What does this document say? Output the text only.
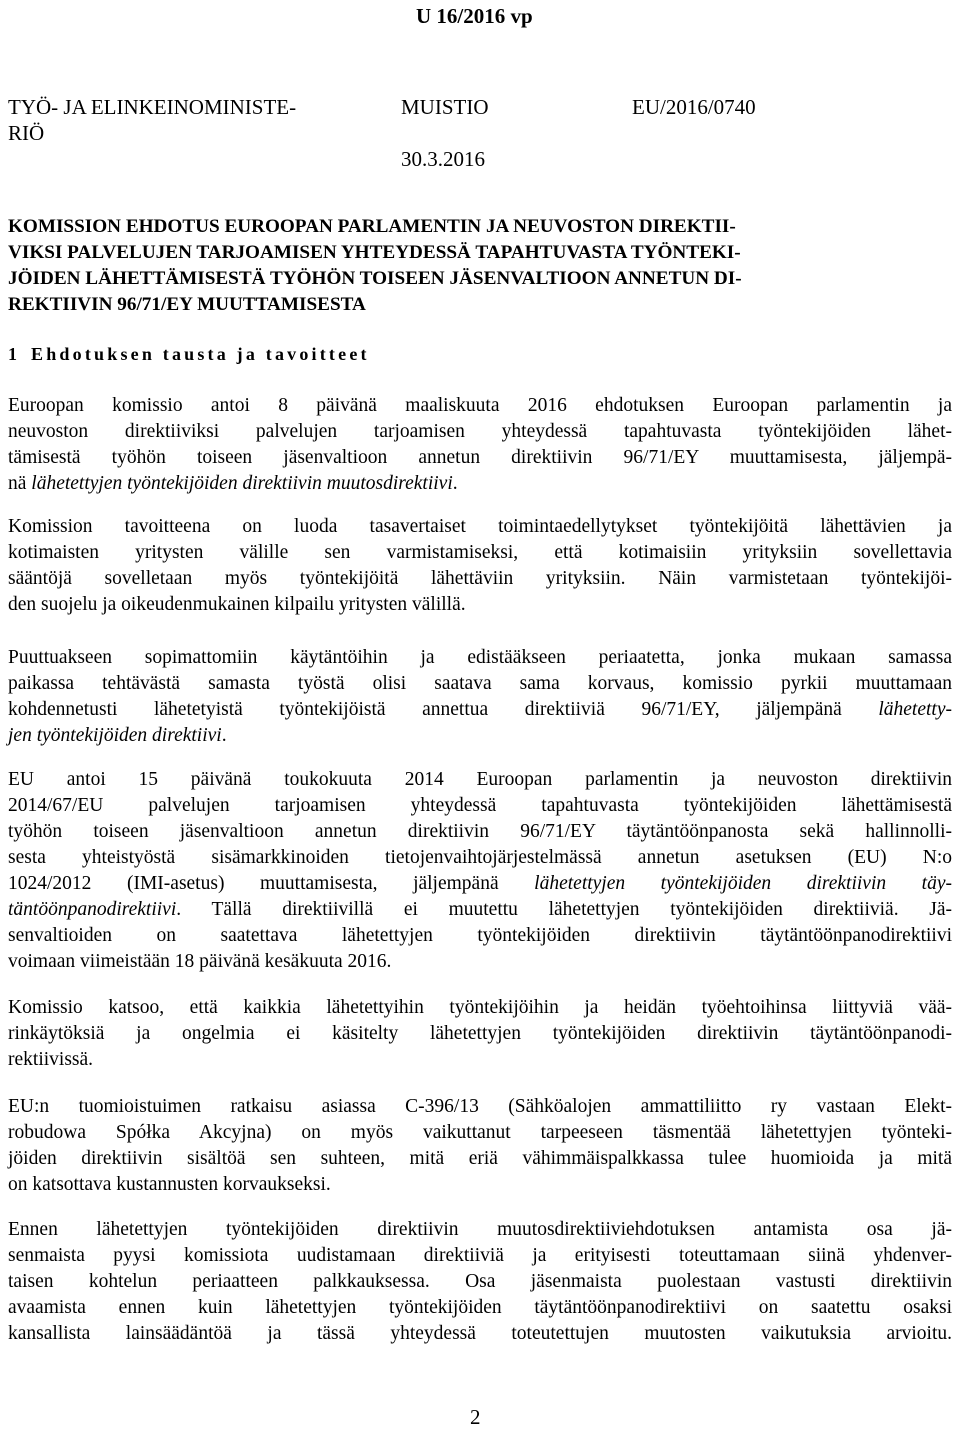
U 16/2016 vp
TYÖ- JA ELINKEINOMINISTE-
RIÖ
MUISTIO	EU/2016/0740
30.3.2016
KOMISSION EHDOTUS EUROOPAN PARLAMENTIN JA NEUVOSTON DIREKTII-
VIKSI PALVELUJEN TARJOAMISEN YHTEYDESSÄ TAPAHTUVASTA TYÖNTEKI-
JÖIDEN LÄHETTÄMISESTÄ TYÖHÖN TOISEEN JÄSENVALTIOON ANNETUN DI-
REKTIIVIN 96/71/EY MUUTTAMISESTA
1 Ehdotuksen tausta ja tavoitteet
Euroopan komissio antoi 8 päivänä maaliskuuta 2016 ehdotuksen Euroopan parlamentin ja
neuvoston direktiiviksi palvelujen tarjoamisen yhteydessä tapahtuvasta työntekijöiden lähet-
tämisestä työhön toiseen jäsenvaltioon annetun direktiivin 96/71/EY muuttamisesta, jäljempä-
nä lähetettyjen työntekijöiden direktiivin muutosdirektiivi.
Komission tavoitteena on luoda tasavertaiset toimintaedellytykset työntekijöitä lähettävien ja
kotimaisten yritysten välille sen varmistamiseksi, että kotimaisiin yrityksiin sovellettavia
sääntöjä sovelletaan myös työntekijöitä lähettäviin yrityksiin. Näin varmistetaan työntekijöi-
den suojelu ja oikeudenmukainen kilpailu yritysten välillä.
Puuttuakseen sopimattomiin käytäntöihin ja edistääkseen periaatetta, jonka mukaan samassa
paikassa tehtävästä samasta työstä olisi saatava sama korvaus, komissio pyrkii muuttamaan
kohdennetusti lähetetyistä työntekijöistä annettua direktiiviä 96/71/EY, jäljempänä lähetetty-
jen työntekijöiden direktiivi.
EU antoi 15 päivänä toukokuuta 2014 Euroopan parlamentin ja neuvoston direktiivin
2014/67/EU palvelujen tarjoamisen yhteydessä tapahtuvasta työntekijöiden lähettämisestä
työhön toiseen jäsenvaltioon annetun direktiivin 96/71/EY täytäntöönpanosta sekä hallinnolli-
sesta yhteistyöstä sisämarkkinoiden tietojenvaihtojärjestelmässä annetun asetuksen (EU) N:o
1024/2012 (IMI-asetus) muuttamisesta, jäljempänä lähetettyjen työntekijöiden direktiivin täy-
täntöönpanodirektiivi. Tällä direktiivillä ei muutettu lähetettyjen työntekijöiden direktiiviä. Jä-
senvaltioiden on saatettava lähetettyjen työntekijöiden direktiivin täytäntöönpanodirektiivi
voimaan viimeistään 18 päivänä kesäkuuta 2016.
Komissio katsoo, että kaikkia lähetettyihin työntekijöihin ja heidän työehtoihinsa liittyviä vää-
rinkäytöksiä ja ongelmia ei käsitelty lähetettyjen työntekijöiden direktiivin täytäntöönpanodi-
rektiivissä.
EU:n tuomioistuimen ratkaisu asiassa C-396/13 (Sähköalojen ammattiliitto ry vastaan Elekt-
robudowa Spółka Akcyjna) on myös vaikuttanut tarpeeseen täsmentää lähetettyjen työnteki-
jöiden direktiivin sisältöä sen suhteen, mitä eriä vähimmäispalkkassa tulee huomioida ja mitä
on katsottava kustannusten korvaukseksi.
Ennen lähetettyjen työntekijöiden direktiivin muutosdirektiiviehdotuksen antamista osa jä-
senmaista pyysi komissiota uudistamaan direktiiviä ja erityisesti toteuttamaan siinä yhdenver-
taisen kohtelun periaatteen palkkauksessa. Osa jäsenmaista puolestaan vastusti direktiivin
avaamista ennen kuin lähetettyjen työntekijöiden täytäntöönpanodirektiivi on saatettu osaksi
kansallista lainsäädäntöä ja tässä yhteydessä toteutettujen muutosten vaikutuksia arvioitu.
2
